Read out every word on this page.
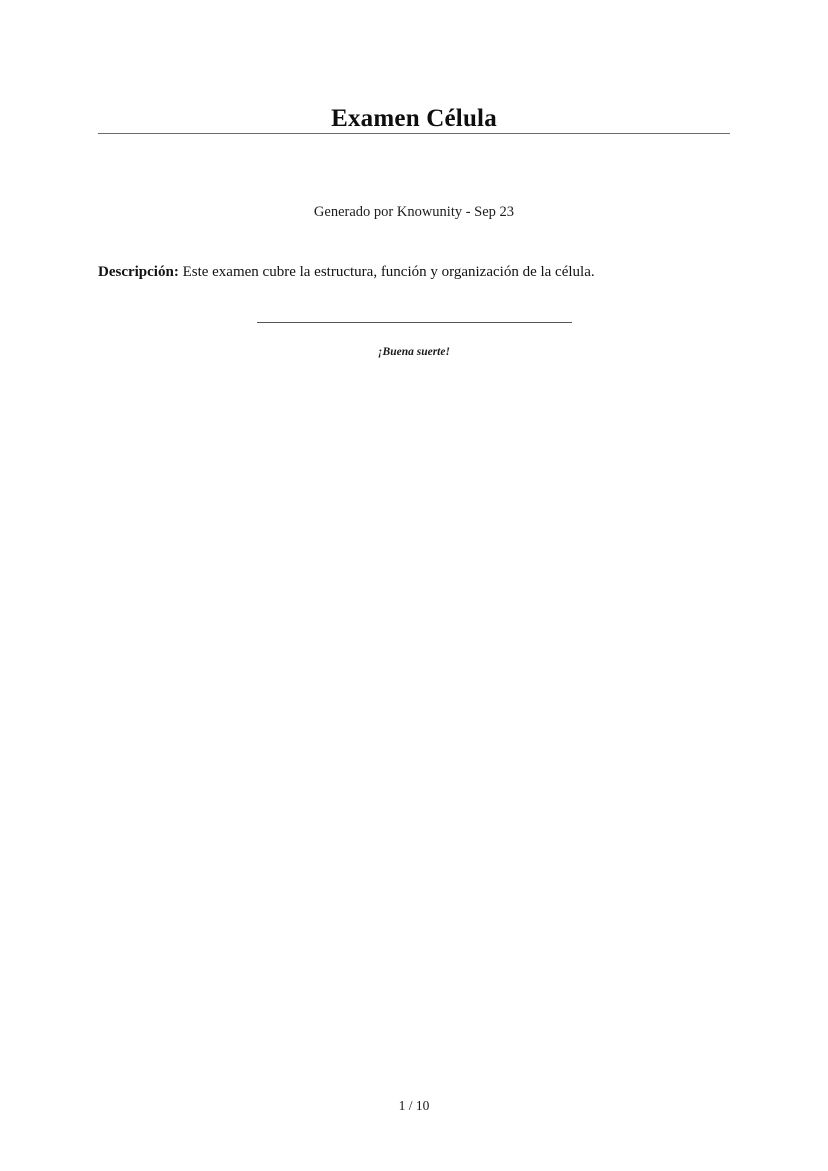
Examen Célula
Generado por Knowunity - Sep 23
Descripción: Este examen cubre la estructura, función y organización de la célula.
¡Buena suerte!
1 / 10
